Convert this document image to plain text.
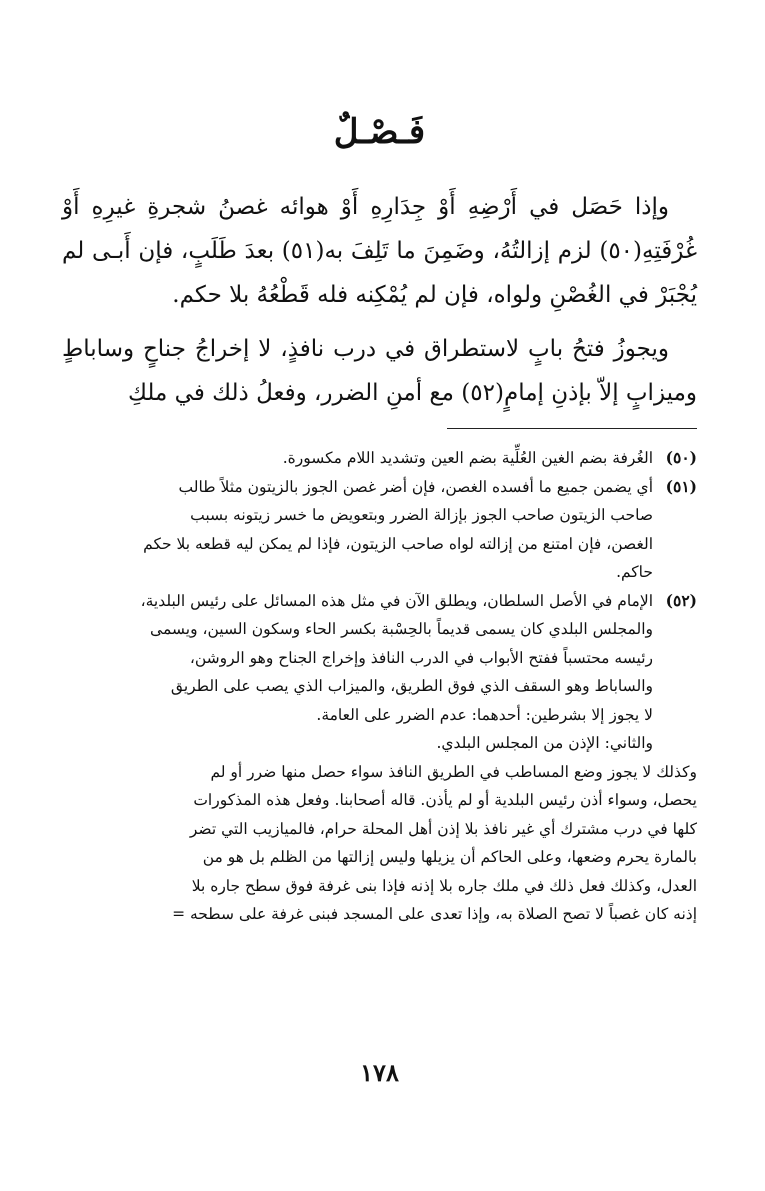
فَـصْـلٌ

وإذا حَصَل في أَرْضِهِ أَوْ جِدَارِهِ أَوْ هوائه غصنُ شجرةِ غيرِهِ أَوْ غُرْفَتِهِ(٥٠) لزم إزالتُهُ، وضَمِنَ ما تَلِفَ به(٥١) بعدَ طَلَبٍ، فإن أَبـى لم يُجْبَرْ في الغُصْنِ ولواه، فإن لم يُمْكِنه فله قَطْعُهُ بلا حكم.

ويجوزُ فتحُ بابٍ لاستطراق في درب نافذٍ، لا إخراجُ جناحٍ وساباطٍ وميزابٍ إلاّ بإذنِ إمامٍ(٥٢) مع أمنِ الضرر، وفعلُ ذلك في ملكِ

(٥٠)
الغُرفة بضم الغين العُلِّية بضم العين وتشديد اللام مكسورة.
(٥١)
أي يضمن جميع ما أفسده الغصن، فإن أضر غصن الجوز بالزيتون مثلاً طالب
صاحب الزيتون صاحب الجوز بإزالة الضرر وبتعويض ما خسر زيتونه بسبب
الغصن، فإن امتنع من إزالته لواه صاحب الزيتون، فإذا لم يمكن ليه قطعه بلا حكم
حاكم.
(٥٢)
الإمام في الأصل السلطان، ويطلق الآن في مثل هذه المسائل على رئيس البلدية،
والمجلس البلدي كان يسمى قديماً بالحِسْبة بكسر الحاء وسكون السين، ويسمى
رئيسه محتسباً ففتح الأبواب في الدرب النافذ وإخراج الجناح وهو الروشن،
والساباط وهو السقف الذي فوق الطريق، والميزاب الذي يصب على الطريق
لا يجوز إلا بشرطين: أحدهما: عدم الضرر على العامة.
والثاني: الإذن من المجلس البلدي.

وكذلك لا يجوز وضع المساطب في الطريق النافذ سواء حصل منها ضرر أو لم

يحصل، وسواء أذن رئيس البلدية أو لم يأذن. قاله أصحابنا. وفعل هذه المذكورات

كلها في درب مشترك أي غير نافذ بلا إذن أهل المحلة حرام، فالميازيب التي تضر

بالمارة يحرم وضعها، وعلى الحاكم أن يزيلها وليس إزالتها من الظلم بل هو من

العدل، وكذلك فعل ذلك في ملك جاره بلا إذنه فإذا بنى غرفة فوق سطح جاره بلا

إذنه كان غصباً لا تصح الصلاة به، وإذا تعدى على المسجد فبنى غرفة على سطحه =

١٧٨
